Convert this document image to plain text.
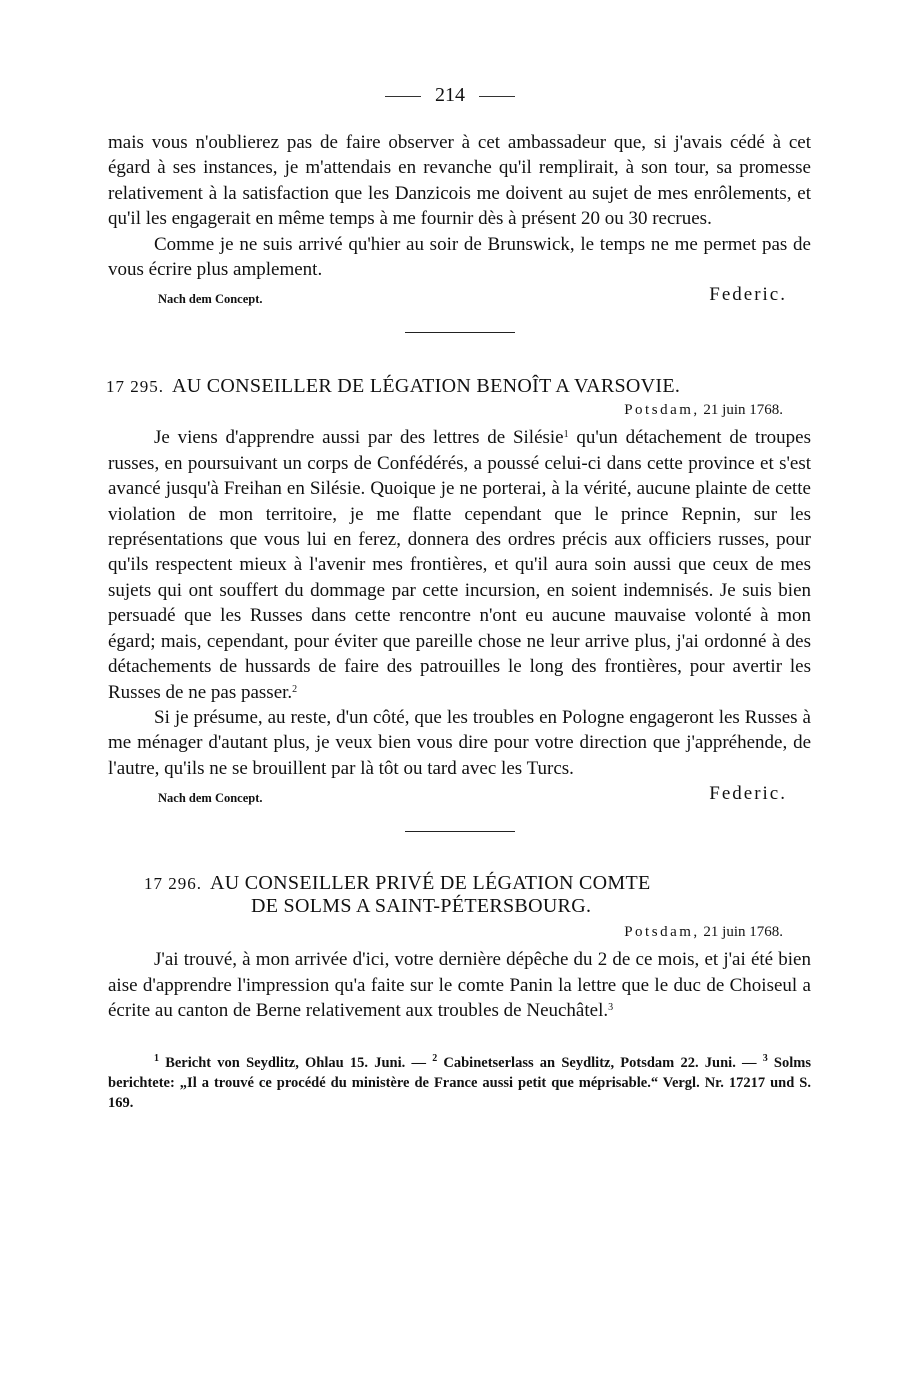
214

mais vous n'oublierez pas de faire observer à cet ambassadeur que, si j'avais cédé à cet égard à ses instances, je m'attendais en revanche qu'il remplirait, à son tour, sa promesse relativement à la satisfaction que les Danzicois me doivent au sujet de mes enrôlements, et qu'il les engagerait en même temps à me fournir dès à présent 20 ou 30 recrues.

Comme je ne suis arrivé qu'hier au soir de Brunswick, le temps ne me permet pas de vous écrire plus amplement.

Nach dem Concept.	Federic.
17 295. AU CONSEILLER DE LÉGATION BENOÎT A VARSOVIE.
Potsdam, 21 juin 1768.

Je viens d'apprendre aussi par des lettres de Silésie$^1$ qu'un détachement de troupes russes, en poursuivant un corps de Confédérés, a poussé celui-ci dans cette province et s'est avancé jusqu'à Freihan en Silésie. Quoique je ne porterai, à la vérité, aucune plainte de cette violation de mon territoire, je me flatte cependant que le prince Repnin, sur les représentations que vous lui en ferez, donnera des ordres précis aux officiers russes, pour qu'ils respectent mieux à l'avenir mes frontières, et qu'il aura soin aussi que ceux de mes sujets qui ont souffert du dommage par cette incursion, en soient indemnisés. Je suis bien persuadé que les Russes dans cette rencontre n'ont eu aucune mauvaise volonté à mon égard; mais, cependant, pour éviter que pareille chose ne leur arrive plus, j'ai ordonné à des détachements de hussards de faire des patrouilles le long des frontières, pour avertir les Russes de ne pas passer.$^2$

Si je présume, au reste, d'un côté, que les troubles en Pologne engageront les Russes à me ménager d'autant plus, je veux bien vous dire pour votre direction que j'appréhende, de l'autre, qu'ils ne se brouillent par là tôt ou tard avec les Turcs.

Nach dem Concept.	Federic.
17 296. AU CONSEILLER PRIVÉ DE LÉGATION COMTE
DE SOLMS A SAINT-PÉTERSBOURG.
Potsdam, 21 juin 1768.

J'ai trouvé, à mon arrivée d'ici, votre dernière dépêche du 2 de ce mois, et j'ai été bien aise d'apprendre l'impression qu'a faite sur le comte Panin la lettre que le duc de Choiseul a écrite au canton de Berne relativement aux troubles de Neuchâtel.$^3$

$^1$ Bericht von Seydlitz, Ohlau 15. Juni. — $^2$ Cabinetserlass an Seydlitz, Potsdam 22. Juni. — $^3$ Solms berichtete: „Il a trouvé ce procédé du ministère de France aussi petit que méprisable.“ Vergl. Nr. 17217 und S. 169.
